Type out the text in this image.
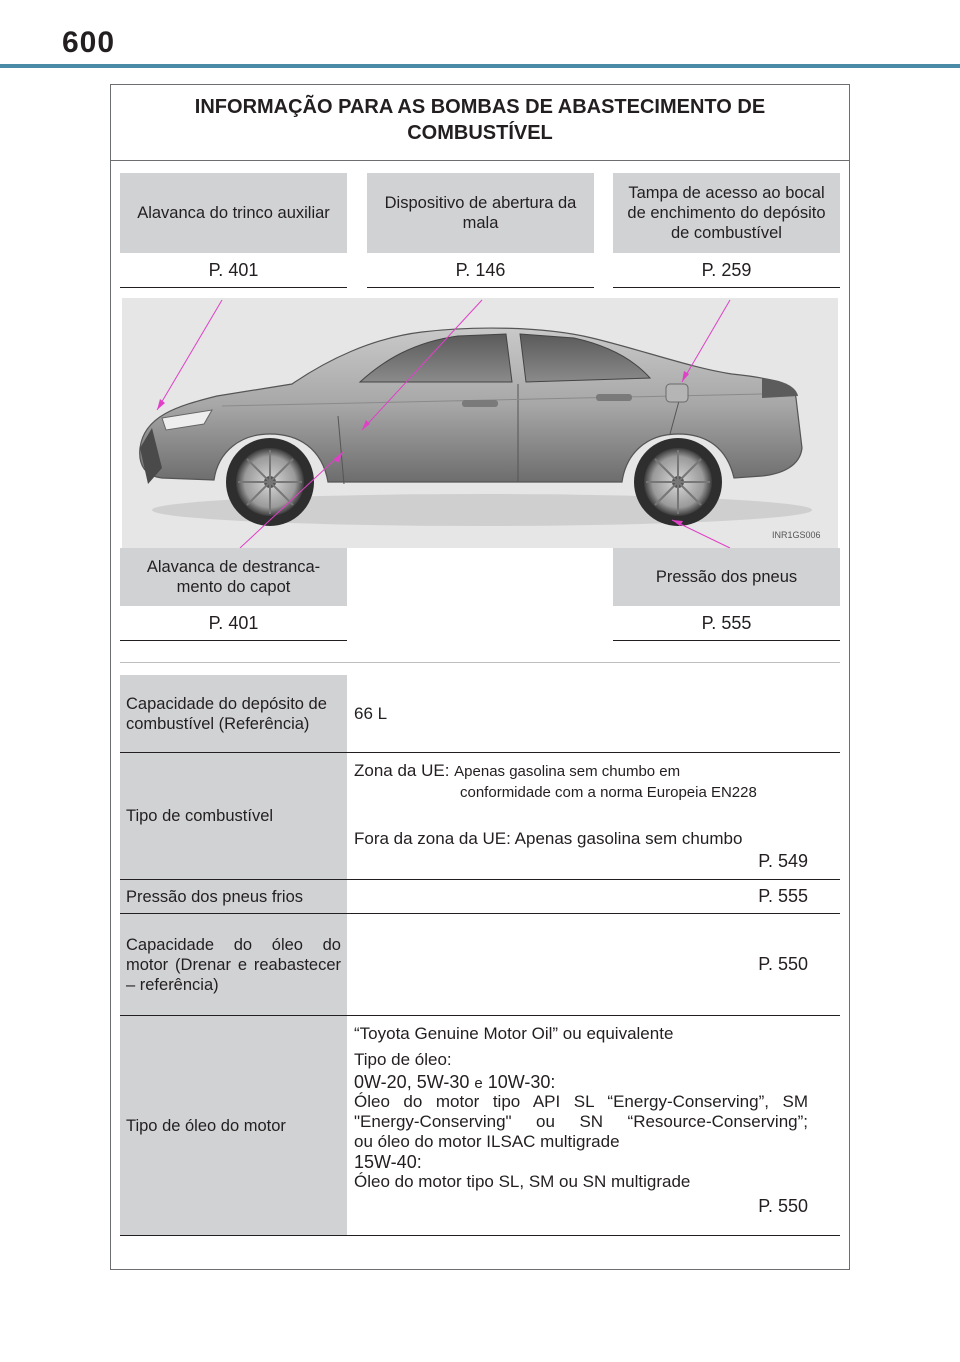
600
INFORMAÇÃO PARA AS BOMBAS DE ABASTECIMENTO DE
COMBUSTÍVEL
Alavanca do trinco auxiliar
P. 401
Dispositivo de abertura da mala
P. 146
Tampa de acesso ao bocal de enchimento do depósito de combustível
P. 259
INR1GS006
Alavanca de destranca-mento do capot
P. 401
Pressão dos pneus
P. 555
Capacidade do depósito de combustível (Referência)
66 L
Tipo de combustível
Zona da UE: Apenas gasolina sem chumbo em
conformidade com a norma Europeia EN228
Fora da zona da UE: Apenas gasolina sem chumbo
P. 549
Pressão dos pneus frios	P. 555
Capacidade do óleo do motor (Drenar e reabastecer – referência)
P. 550
Tipo de óleo do motor
“Toyota Genuine Motor Oil” ou equivalente
Tipo de óleo:
0W-20, 5W-30 e 10W-30:
Óleo do motor tipo API SL “Energy-Conserving”, SM
"Energy-Conserving" ou SN “Resource-Conserving”;
ou óleo do motor ILSAC multigrade
15W-40:
Óleo do motor tipo SL, SM ou SN multigrade
P. 550
